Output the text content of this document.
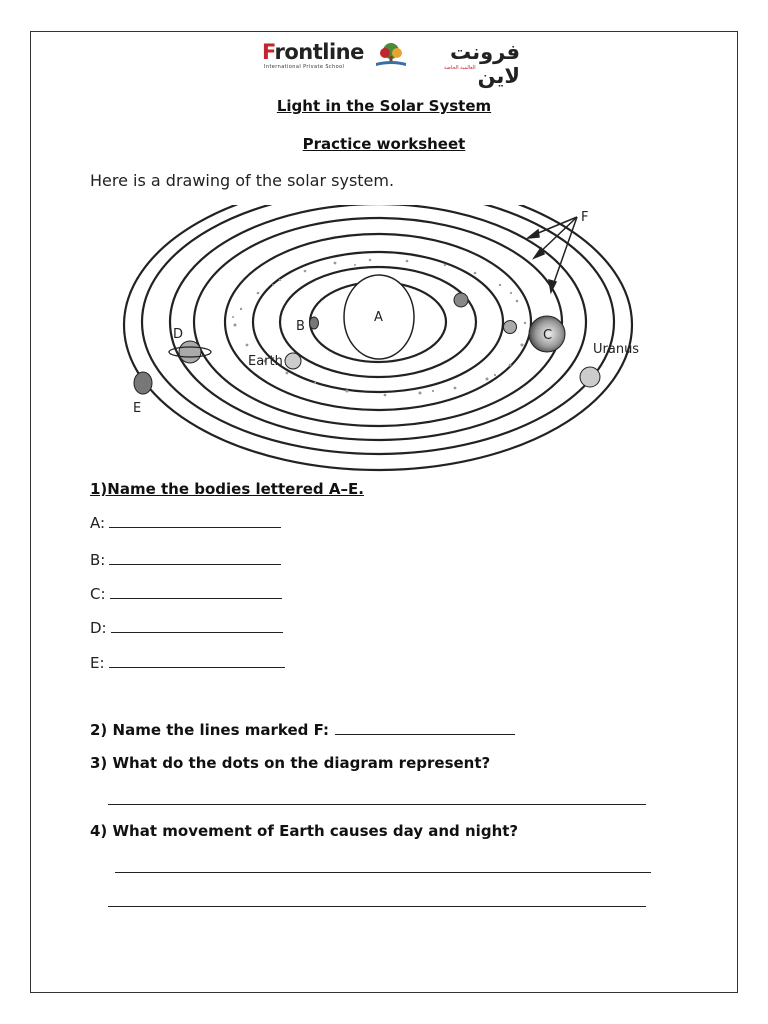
Frontline
International Private School
فرونت لاين
العالمية الخاصة
Light in the Solar System
Practice worksheet
Here is a drawing of the solar system.
A
B
Earth
D	C
Uranus
E
F
1)Name the bodies lettered A–E.
A:
B:
C:
D:
E:
2) Name the lines marked F:
3) What do the dots on the diagram represent?
4) What movement of Earth causes day and night?
